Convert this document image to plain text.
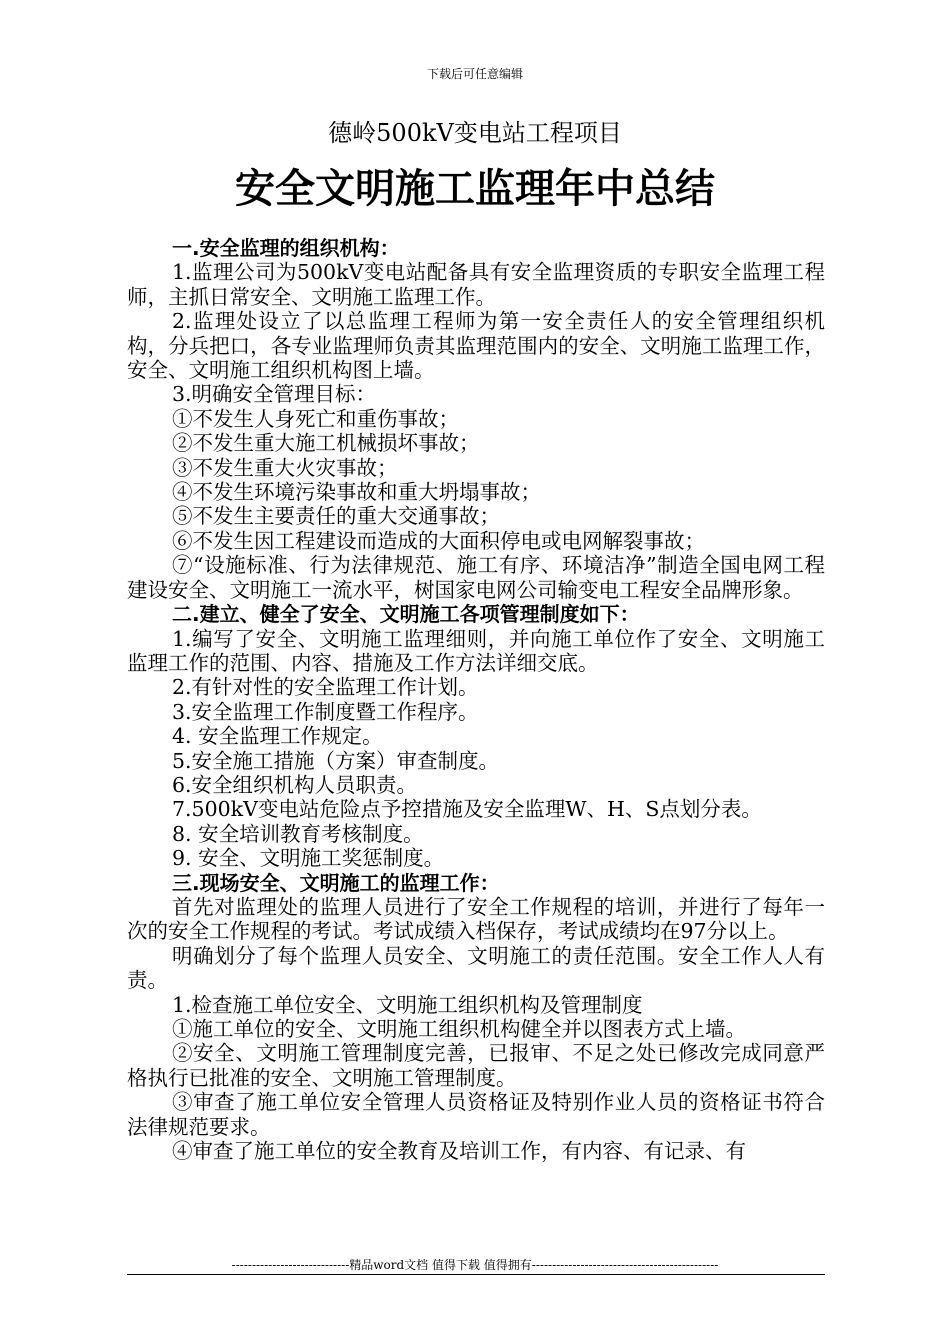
下载后可任意编辑
德岭500kV变电站工程项目
安全文明施工监理年中总结

一.安全监理的组织机构：

1.监理公司为500kV变电站配备具有安全监理资质的专职安全监理工程师，主抓日常安全、文明施工监理工作。

2.监理处设立了以总监理工程师为第一安全责任人的安全管理组织机构，分兵把口，各专业监理师负责其监理范围内的安全、文明施工监理工作，安全、文明施工组织机构图上墙。

3.明确安全管理目标：

①不发生人身死亡和重伤事故；

②不发生重大施工机械损坏事故；

③不发生重大火灾事故；

④不发生环境污染事故和重大坍塌事故；

⑤不发生主要责任的重大交通事故；

⑥不发生因工程建设而造成的大面积停电或电网解裂事故；

⑦“设施标准、行为法律规范、施工有序、环境洁净”制造全国电网工程建设安全、文明施工一流水平，树国家电网公司输变电工程安全品牌形象。

二.建立、健全了安全、文明施工各项管理制度如下：

1.编写了安全、文明施工监理细则，并向施工单位作了安全、文明施工监理工作的范围、内容、措施及工作方法详细交底。

2.有针对性的安全监理工作计划。

3.安全监理工作制度暨工作程序。

4. 安全监理工作规定。

5.安全施工措施（方案）审查制度。

6.安全组织机构人员职责。

7.500kV变电站危险点予控措施及安全监理W、H、S点划分表。

8. 安全培训教育考核制度。

9. 安全、文明施工奖惩制度。

三.现场安全、文明施工的监理工作：

首先对监理处的监理人员进行了安全工作规程的培训，并进行了每年一次的安全工作规程的考试。考试成绩入档保存，考试成绩均在97分以上。

明确划分了每个监理人员安全、文明施工的责任范围。安全工作人人有责。

1.检查施工单位安全、文明施工组织机构及管理制度

①施工单位的安全、文明施工组织机构健全并以图表方式上墙。

②安全、文明施工管理制度完善，已报审、不足之处已修改完成同意严格执行已批准的安全、文明施工管理制度。

③审查了施工单位安全管理人员资格证及特别作业人员的资格证书符合法律规范要求。

④审查了施工单位的安全教育及培训工作，有内容、有记录、有

-----------------------------精品word文档 值得下载 值得拥有----------------------------------------------
